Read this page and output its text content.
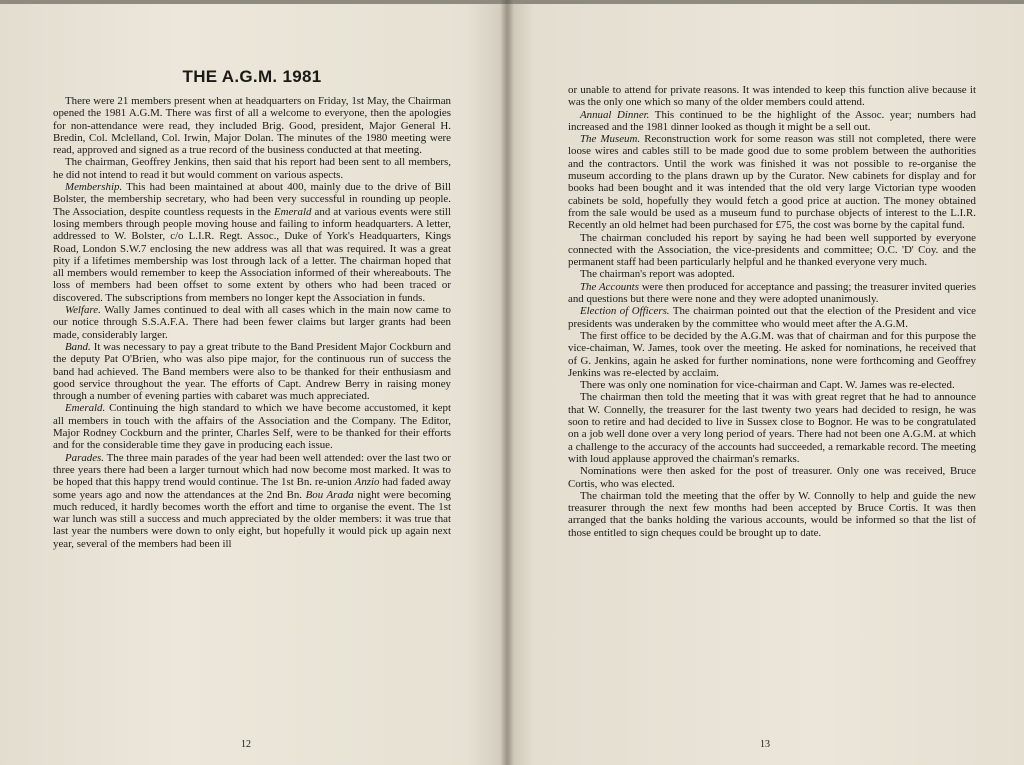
THE A.G.M. 1981

There were 21 members present when at headquarters on Friday, 1st May, the Chairman opened the 1981 A.G.M. There was first of all a welcome to everyone, then the apologies for non-attendance were read, they included Brig. Good, president, Major General H. Bredin, Col. Mclelland, Col. Irwin, Major Dolan. The minutes of the 1980 meeting were read, approved and signed as a true record of the business conducted at that meeting.

The chairman, Geoffrey Jenkins, then said that his report had been sent to all members, he did not intend to read it but would comment on various aspects.

Membership. This had been maintained at about 400, mainly due to the drive of Bill Bolster, the membership secretary, who had been very successful in rounding up people. The Association, despite countless requests in the Emerald and at various events were still losing members through people moving house and failing to inform headquarters. A letter, addressed to W. Bolster, c/o L.I.R. Regt. Assoc., Duke of York's Headquarters, Kings Road, London S.W.7 enclosing the new address was all that was required. It was a great pity if a lifetimes membership was lost through lack of a letter. The chairman hoped that all members would remember to keep the Association informed of their whereabouts. The loss of members had been offset to some extent by others who had been traced or discovered. The subscriptions from members no longer kept the Association in funds.

Welfare. Wally James continued to deal with all cases which in the main now came to our notice through S.S.A.F.A. There had been fewer claims but larger grants had been made, considerably larger.

Band. It was necessary to pay a great tribute to the Band President Major Cockburn and the deputy Pat O'Brien, who was also pipe major, for the continuous run of success the band had achieved. The Band members were also to be thanked for their enthusiasm and good service throughout the year. The efforts of Capt. Andrew Berry in raising money through a number of evening parties with cabaret was much appreciated.

Emerald. Continuing the high standard to which we have become accustomed, it kept all members in touch with the affairs of the Association and the Company. The Editor, Major Rodney Cockburn and the printer, Charles Self, were to be thanked for their efforts and for the considerable time they gave in producing each issue.

Parades. The three main parades of the year had been well attended: over the last two or three years there had been a larger turnout which had now become most marked. It was to be hoped that this happy trend would continue. The 1st Bn. re-union Anzio had faded away some years ago and now the attendances at the 2nd Bn. Bou Arada night were becoming much reduced, it hardly becomes worth the effort and time to organise the event. The 1st war lunch was still a success and much appreciated by the older members: it was true that last year the numbers were down to only eight, but hopefully it would pick up again next year, several of the members had been ill

12

or unable to attend for private reasons. It was intended to keep this function alive because it was the only one which so many of the older members could attend.

Annual Dinner. This continued to be the highlight of the Assoc. year; numbers had increased and the 1981 dinner looked as though it might be a sell out.

The Museum. Reconstruction work for some reason was still not completed, there were loose wires and cables still to be made good due to some problem between the authorities and the contractors. Until the work was finished it was not possible to re-organise the museum according to the plans drawn up by the Curator. New cabinets for display and for books had been bought and it was intended that the old very large Victorian type wooden cabinets be sold, hopefully they would fetch a good price at auction. The money obtained from the sale would be used as a museum fund to purchase objects of interest to the L.I.R. Recently an old helmet had been purchased for £75, the cost was borne by the capital fund.

The chairman concluded his report by saying he had been well supported by everyone connected with the Association, the vice-presidents and committee; O.C. 'D' Coy. and the permanent staff had been particularly helpful and he thanked everyone very much.

The chairman's report was adopted.

The Accounts were then produced for acceptance and passing; the treasurer invited queries and questions but there were none and they were adopted unanimously.

Election of Officers. The chairman pointed out that the election of the President and vice presidents was underaken by the committee who would meet after the A.G.M.

The first office to be decided by the A.G.M. was that of chairman and for this purpose the vice-chaiman, W. James, took over the meeting. He asked for nominations, he received that of G. Jenkins, again he asked for further nominations, none were forthcoming and Geoffrey Jenkins was re-elected by acclaim.

There was only one nomination for vice-chairman and Capt. W. James was re-elected.

The chairman then told the meeting that it was with great regret that he had to announce that W. Connelly, the treasurer for the last twenty two years had decided to resign, he was soon to retire and had decided to live in Sussex close to Bognor. He was to be congratulated on a job well done over a very long period of years. There had not been one A.G.M. at which a challenge to the accuracy of the accounts had succeeded, a remarkable record. The meeting with loud applause approved the chairman's remarks.

Nominations were then asked for the post of treasurer. Only one was received, Bruce Cortis, who was elected.

The chairman told the meeting that the offer by W. Connolly to help and guide the new treasurer through the next few months had been accepted by Bruce Cortis. It was then arranged that the banks holding the various accounts, would be informed so that the list of those entitled to sign cheques could be brought up to date.

13
